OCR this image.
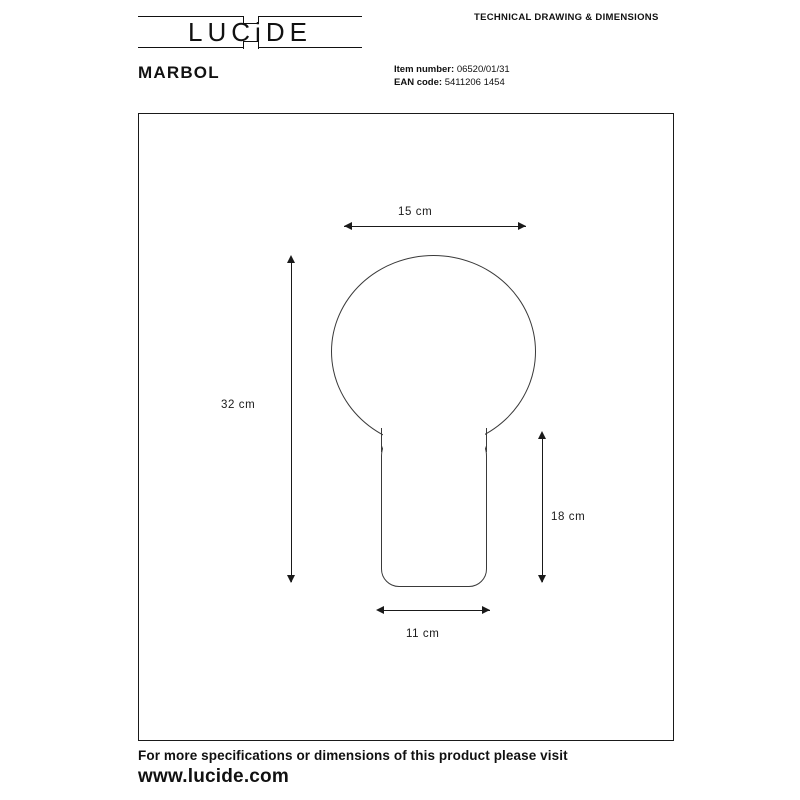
LUCiDE	TECHNICAL DRAWING & DIMENSIONS
MARBOL	Item number: 06520/01/31
EAN code: 5411206 1454
15 cm
32 cm
18 cm
11 cm
For more specifications or dimensions of this product please visit
www.lucide.com
